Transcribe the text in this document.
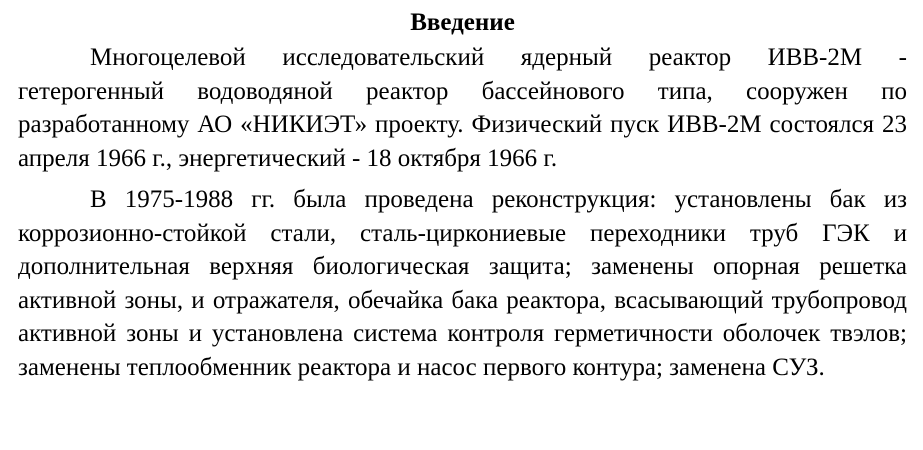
Введение

Многоцелевой исследовательский ядерный реактор ИВВ-2М - гетерогенный водоводяной реактор бассейнового типа, сооружен по разработанному АО «НИКИЭТ» проекту. Физический пуск ИВВ-2М состоялся 23 апреля 1966 г., энергетический - 18 октября 1966 г.

В 1975-1988 гг. была проведена реконструкция: установлены бак из коррозионно-стойкой стали, сталь-циркониевые переходники труб ГЭК и дополнительная верхняя биологическая защита; заменены опорная решетка активной зоны, и отражателя, обечайка бака реактора, всасывающий трубопровод активной зоны и установлена система контроля герметичности оболочек твэлов; заменены теплообменник реактора и насос первого контура; заменена СУЗ.
